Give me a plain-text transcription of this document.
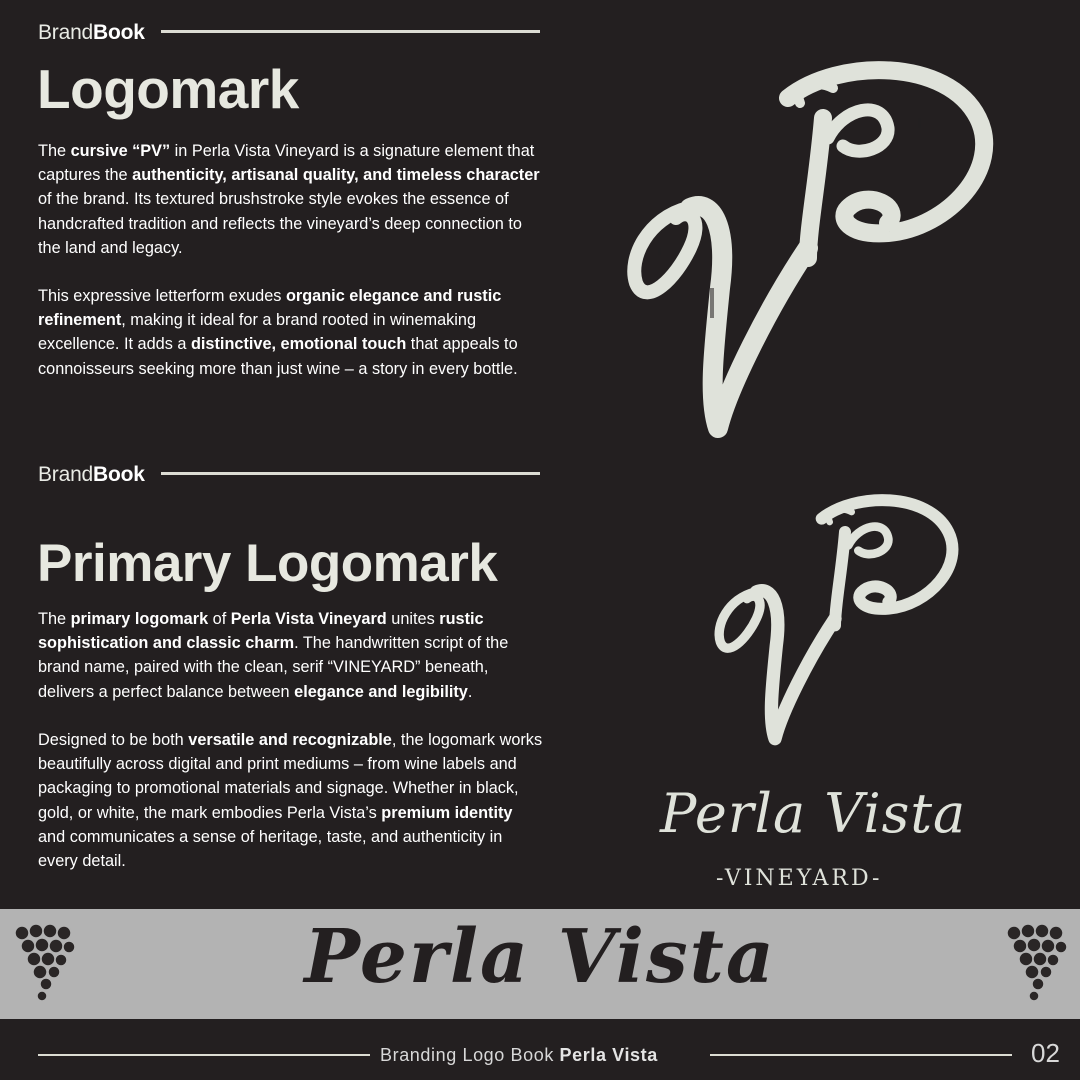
BrandBook
Logomark
The cursive “PV” in Perla Vista Vineyard is a signature element that captures the authenticity, artisanal quality, and timeless character of the brand. Its textured brushstroke style evokes the essence of handcrafted tradition and reflects the vineyard’s deep connection to the land and legacy.
This expressive letterform exudes organic elegance and rustic refinement, making it ideal for a brand rooted in winemaking excellence. It adds a distinctive, emotional touch that appeals to connoisseurs seeking more than just wine – a story in every bottle.
BrandBook
Primary Logomark
The primary logomark of Perla Vista Vineyard unites rustic sophistication and classic charm. The handwritten script of the brand name, paired with the clean, serif “VINEYARD” beneath, delivers a perfect balance between elegance and legibility.
Designed to be both versatile and recognizable, the logomark works beautifully across digital and print mediums – from wine labels and packaging to promotional materials and signage. Whether in black, gold, or white, the mark embodies Perla Vista’s premium identity and communicates a sense of heritage, taste, and authenticity in every detail.
Perla Vista
-VINEYARD-
Perla Vista
Branding Logo Book Perla Vista	02
